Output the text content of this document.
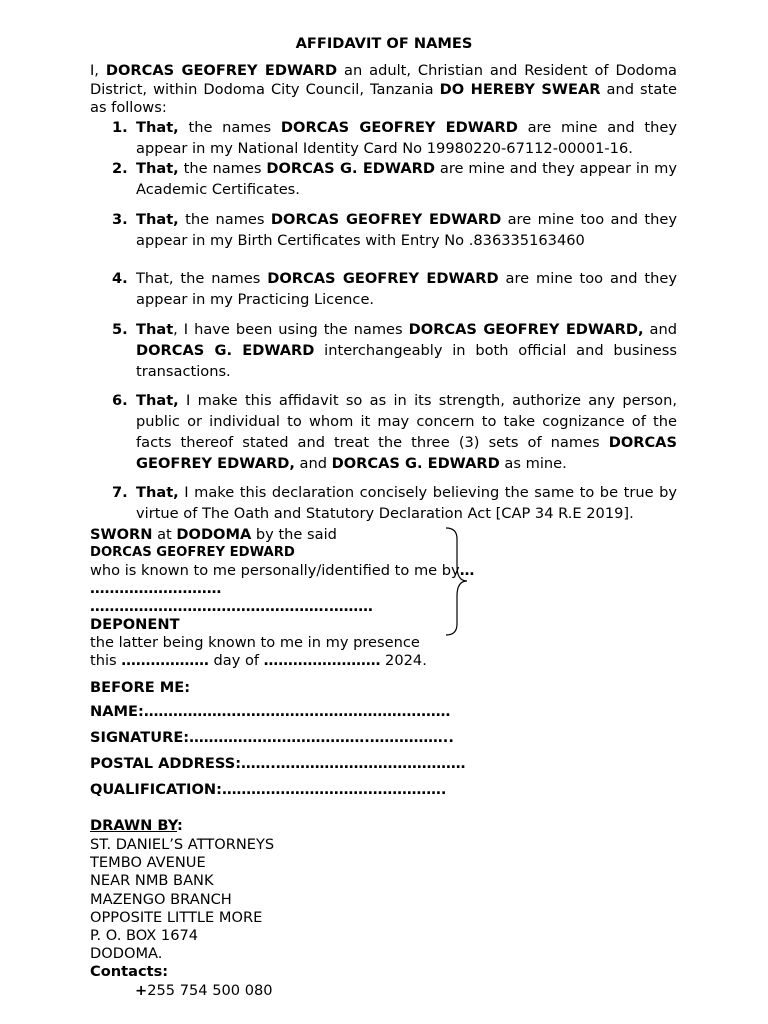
AFFIDAVIT OF NAMES
I, DORCAS GEOFREY EDWARD an adult, Christian and Resident of Dodoma District, within Dodoma City Council, Tanzania DO HEREBY SWEAR and state as follows:
1. That, the names DORCAS GEOFREY EDWARD are mine and they appear in my National Identity Card No 19980220-67112-00001-16.
2. That, the names DORCAS G. EDWARD are mine and they appear in my Academic Certificates.
3. That, the names DORCAS GEOFREY EDWARD are mine too and they appear in my Birth Certificates with Entry No .836335163460
4. That, the names DORCAS GEOFREY EDWARD are mine too and they appear in my Practicing Licence.
5. That, I have been using the names DORCAS GEOFREY EDWARD, and DORCAS G. EDWARD interchangeably in both official and business transactions.
6. That, I make this affidavit so as in its strength, authorize any person, public or individual to whom it may concern to take cognizance of the facts thereof stated and treat the three (3) sets of names DORCAS GEOFREY EDWARD, and DORCAS G. EDWARD as mine.
7. That, I make this declaration concisely believing the same to be true by virtue of The Oath and Statutory Declaration Act [CAP 34 R.E 2019].
SWORN at DODOMA by the said
DORCAS GEOFREY EDWARD
who is known to me personally/identified to me by…
………………………
………………………………………….………
DEPONENT
the latter being known to me in my presence
this ……………… day of …………………… 2024.
BEFORE ME:
NAME:………………………………………………………
SIGNATURE:……………………………….……………..
POSTAL ADDRESS:…….…………………………………
QUALIFICATION:……………………………………….
DRAWN BY:
ST. DANIEL’S ATTORNEYS
TEMBO AVENUE
NEAR NMB BANK
MAZENGO BRANCH
OPPOSITE LITTLE MORE
P. O. BOX 1674
DODOMA.
Contacts:
+255 754 500 080
